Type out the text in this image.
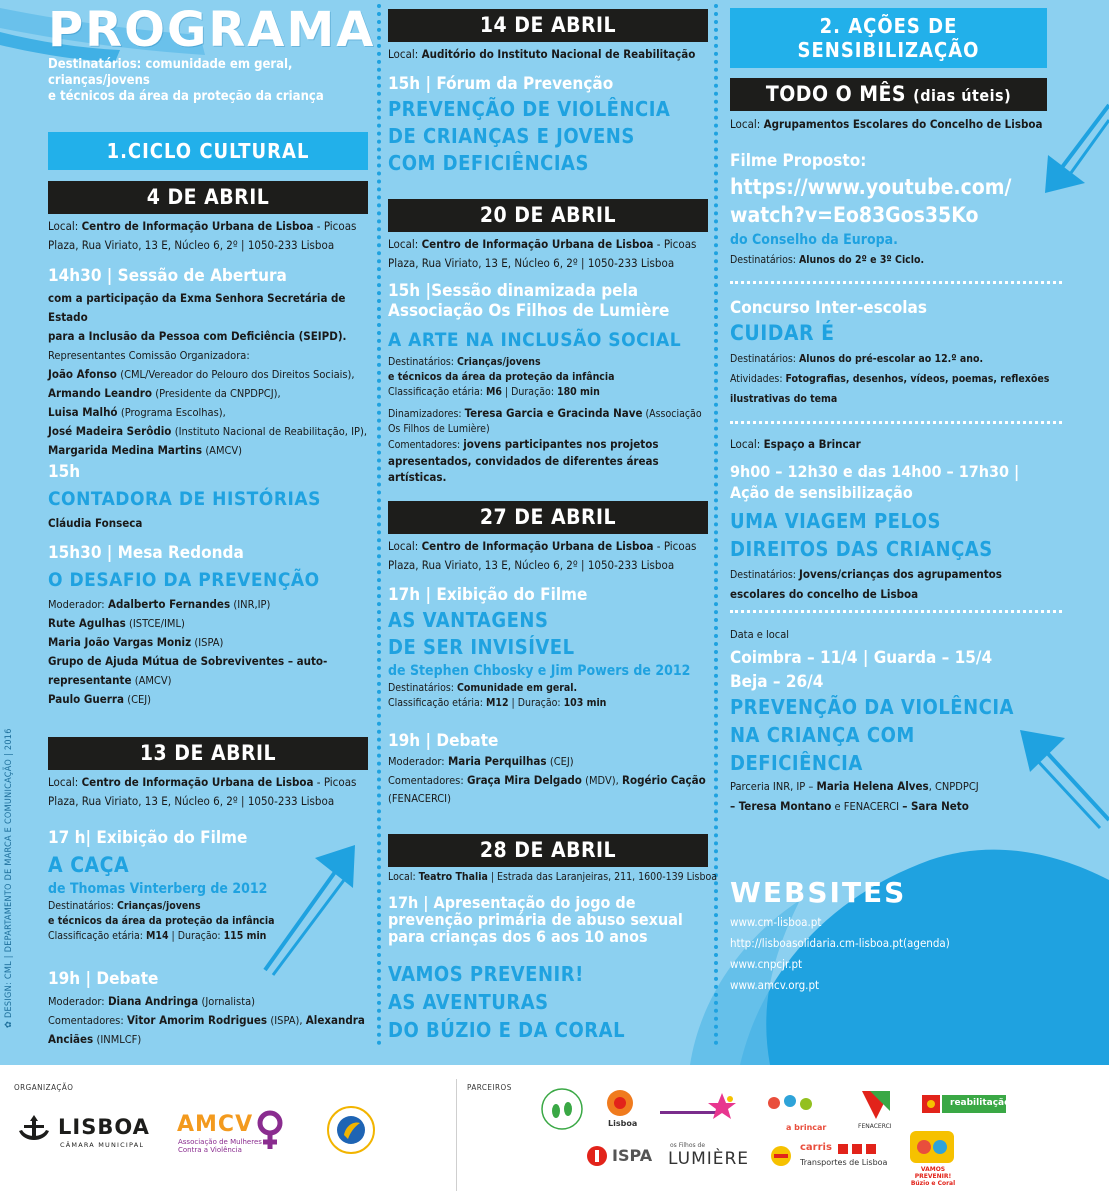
PROGRAMA
Destinatários: comunidade em geral, crianças/jovens
e técnicos da área da proteção da criança
1.CICLO CULTURAL
4 DE ABRIL
Local: Centro de Informação Urbana de Lisboa - Picoas
Plaza, Rua Viriato, 13 E, Núcleo 6, 2º | 1050-233 Lisboa
14h30 | Sessão de Abertura
com a participação da Exma Senhora Secretária de Estado
para a Inclusão da Pessoa com Deficiência (SEIPD).
Representantes Comissão Organizadora:
João Afonso (CML/Vereador do Pelouro dos Direitos Sociais),
Armando Leandro (Presidente da CNPDPCJ),
Luisa Malhó (Programa Escolhas),
José Madeira Serôdio (Instituto Nacional de Reabilitação, IP),
Margarida Medina Martins (AMCV)
15h
CONTADORA DE HISTÓRIAS
Cláudia Fonseca
15h30 | Mesa Redonda
O DESAFIO DA PREVENÇÃO
Moderador: Adalberto Fernandes (INR,IP)
Rute Agulhas (ISTCE/IML)
Maria João Vargas Moniz (ISPA)
Grupo de Ajuda Mútua de Sobreviventes – auto-
representante (AMCV)
Paulo Guerra (CEJ)
13 DE ABRIL
Local: Centro de Informação Urbana de Lisboa - Picoas
Plaza, Rua Viriato, 13 E, Núcleo 6, 2º | 1050-233 Lisboa
17 h| Exibição do Filme
A CAÇA
de Thomas Vinterberg de 2012
Destinatários: Crianças/jovens
e técnicos da área da proteção da infância
Classificação etária: M14 | Duração: 115 min
19h | Debate
Moderador: Diana Andringa (Jornalista)
Comentadores: Vitor Amorim Rodrigues (ISPA), Alexandra
Anciães (INMLCF)
14 DE ABRIL
Local: Auditório do Instituto Nacional de Reabilitação
15h | Fórum da Prevenção
PREVENÇÃO DE VIOLÊNCIA
DE CRIANÇAS E JOVENS
COM DEFICIÊNCIAS
20 DE ABRIL
Local: Centro de Informação Urbana de Lisboa - Picoas
Plaza, Rua Viriato, 13 E, Núcleo 6, 2º | 1050-233 Lisboa
15h |Sessão dinamizada pela
Associação Os Filhos de Lumière
A ARTE NA INCLUSÃO SOCIAL
Destinatários: Crianças/jovens
e técnicos da área da proteção da infância
Classificação etária: M6 | Duração: 180 min
Dinamizadores: Teresa Garcia e Gracinda Nave (Associação
Os Filhos de Lumière)
Comentadores: jovens participantes nos projetos
apresentados, convidados de diferentes áreas artísticas.
27 DE ABRIL
Local: Centro de Informação Urbana de Lisboa - Picoas
Plaza, Rua Viriato, 13 E, Núcleo 6, 2º | 1050-233 Lisboa
17h | Exibição do Filme
AS VANTAGENS
DE SER INVISÍVEL
de Stephen Chbosky e Jim Powers de 2012
Destinatários: Comunidade em geral.
Classificação etária: M12 | Duração: 103 min
19h | Debate
Moderador: Maria Perquilhas (CEJ)
Comentadores: Graça Mira Delgado (MDV), Rogério Cação
(FENACERCI)
28 DE ABRIL
Local: Teatro Thalia | Estrada das Laranjeiras, 211, 1600-139 Lisboa
17h | Apresentação do jogo de
prevenção primária de abuso sexual
para crianças dos 6 aos 10 anos
VAMOS PREVENIR!
AS AVENTURAS
DO BÚZIO E DA CORAL
2. AÇÕES DE
SENSIBILIZAÇÃO
TODO O MÊS (dias úteis)
Local: Agrupamentos Escolares do Concelho de Lisboa
Filme Proposto:
https://www.youtube.com/
watch?v=Eo83Gos35Ko
do Conselho da Europa.
Destinatários: Alunos do 2º e 3º Ciclo.
Concurso Inter-escolas
CUIDAR É
Destinatários: Alunos do pré-escolar ao 12.º ano.
Atividades: Fotografias, desenhos, vídeos, poemas, reflexões
ilustrativas do tema
Local: Espaço a Brincar
9h00 – 12h30 e das 14h00 – 17h30 |
Ação de sensibilização
UMA VIAGEM PELOS
DIREITOS DAS CRIANÇAS
Destinatários: Jovens/crianças dos agrupamentos
escolares do concelho de Lisboa
Data e local
Coimbra – 11/4 | Guarda – 15/4
Beja – 26/4
PREVENÇÃO DA VIOLÊNCIA
NA CRIANÇA COM
DEFICIÊNCIA
Parceria INR, IP – Maria Helena Alves, CNPDPCJ
– Teresa Montano e FENACERCI – Sara Neto
WEBSITES
www.cm-lisboa.pt
http://lisboasolidaria.cm-lisboa.pt(agenda)
www.cnpcjr.pt
www.amcv.org.pt
✿ DESIGN: CML | DEPARTAMENTO DE MARCA E COMUNICAÇÃO | 2016
ORGANIZAÇÃO	PARCEIROS
LISBOA
CÂMARA MUNICIPAL
AMCV
Associação de Mulheres
Contra a Violência
Lisboa	a brincar	FENACERCI
reabilitação
ISPA
os Filhos de
LUMIÈRE
carris
Transportes de Lisboa
VAMOS PREVENIR!
Búzio e Coral
